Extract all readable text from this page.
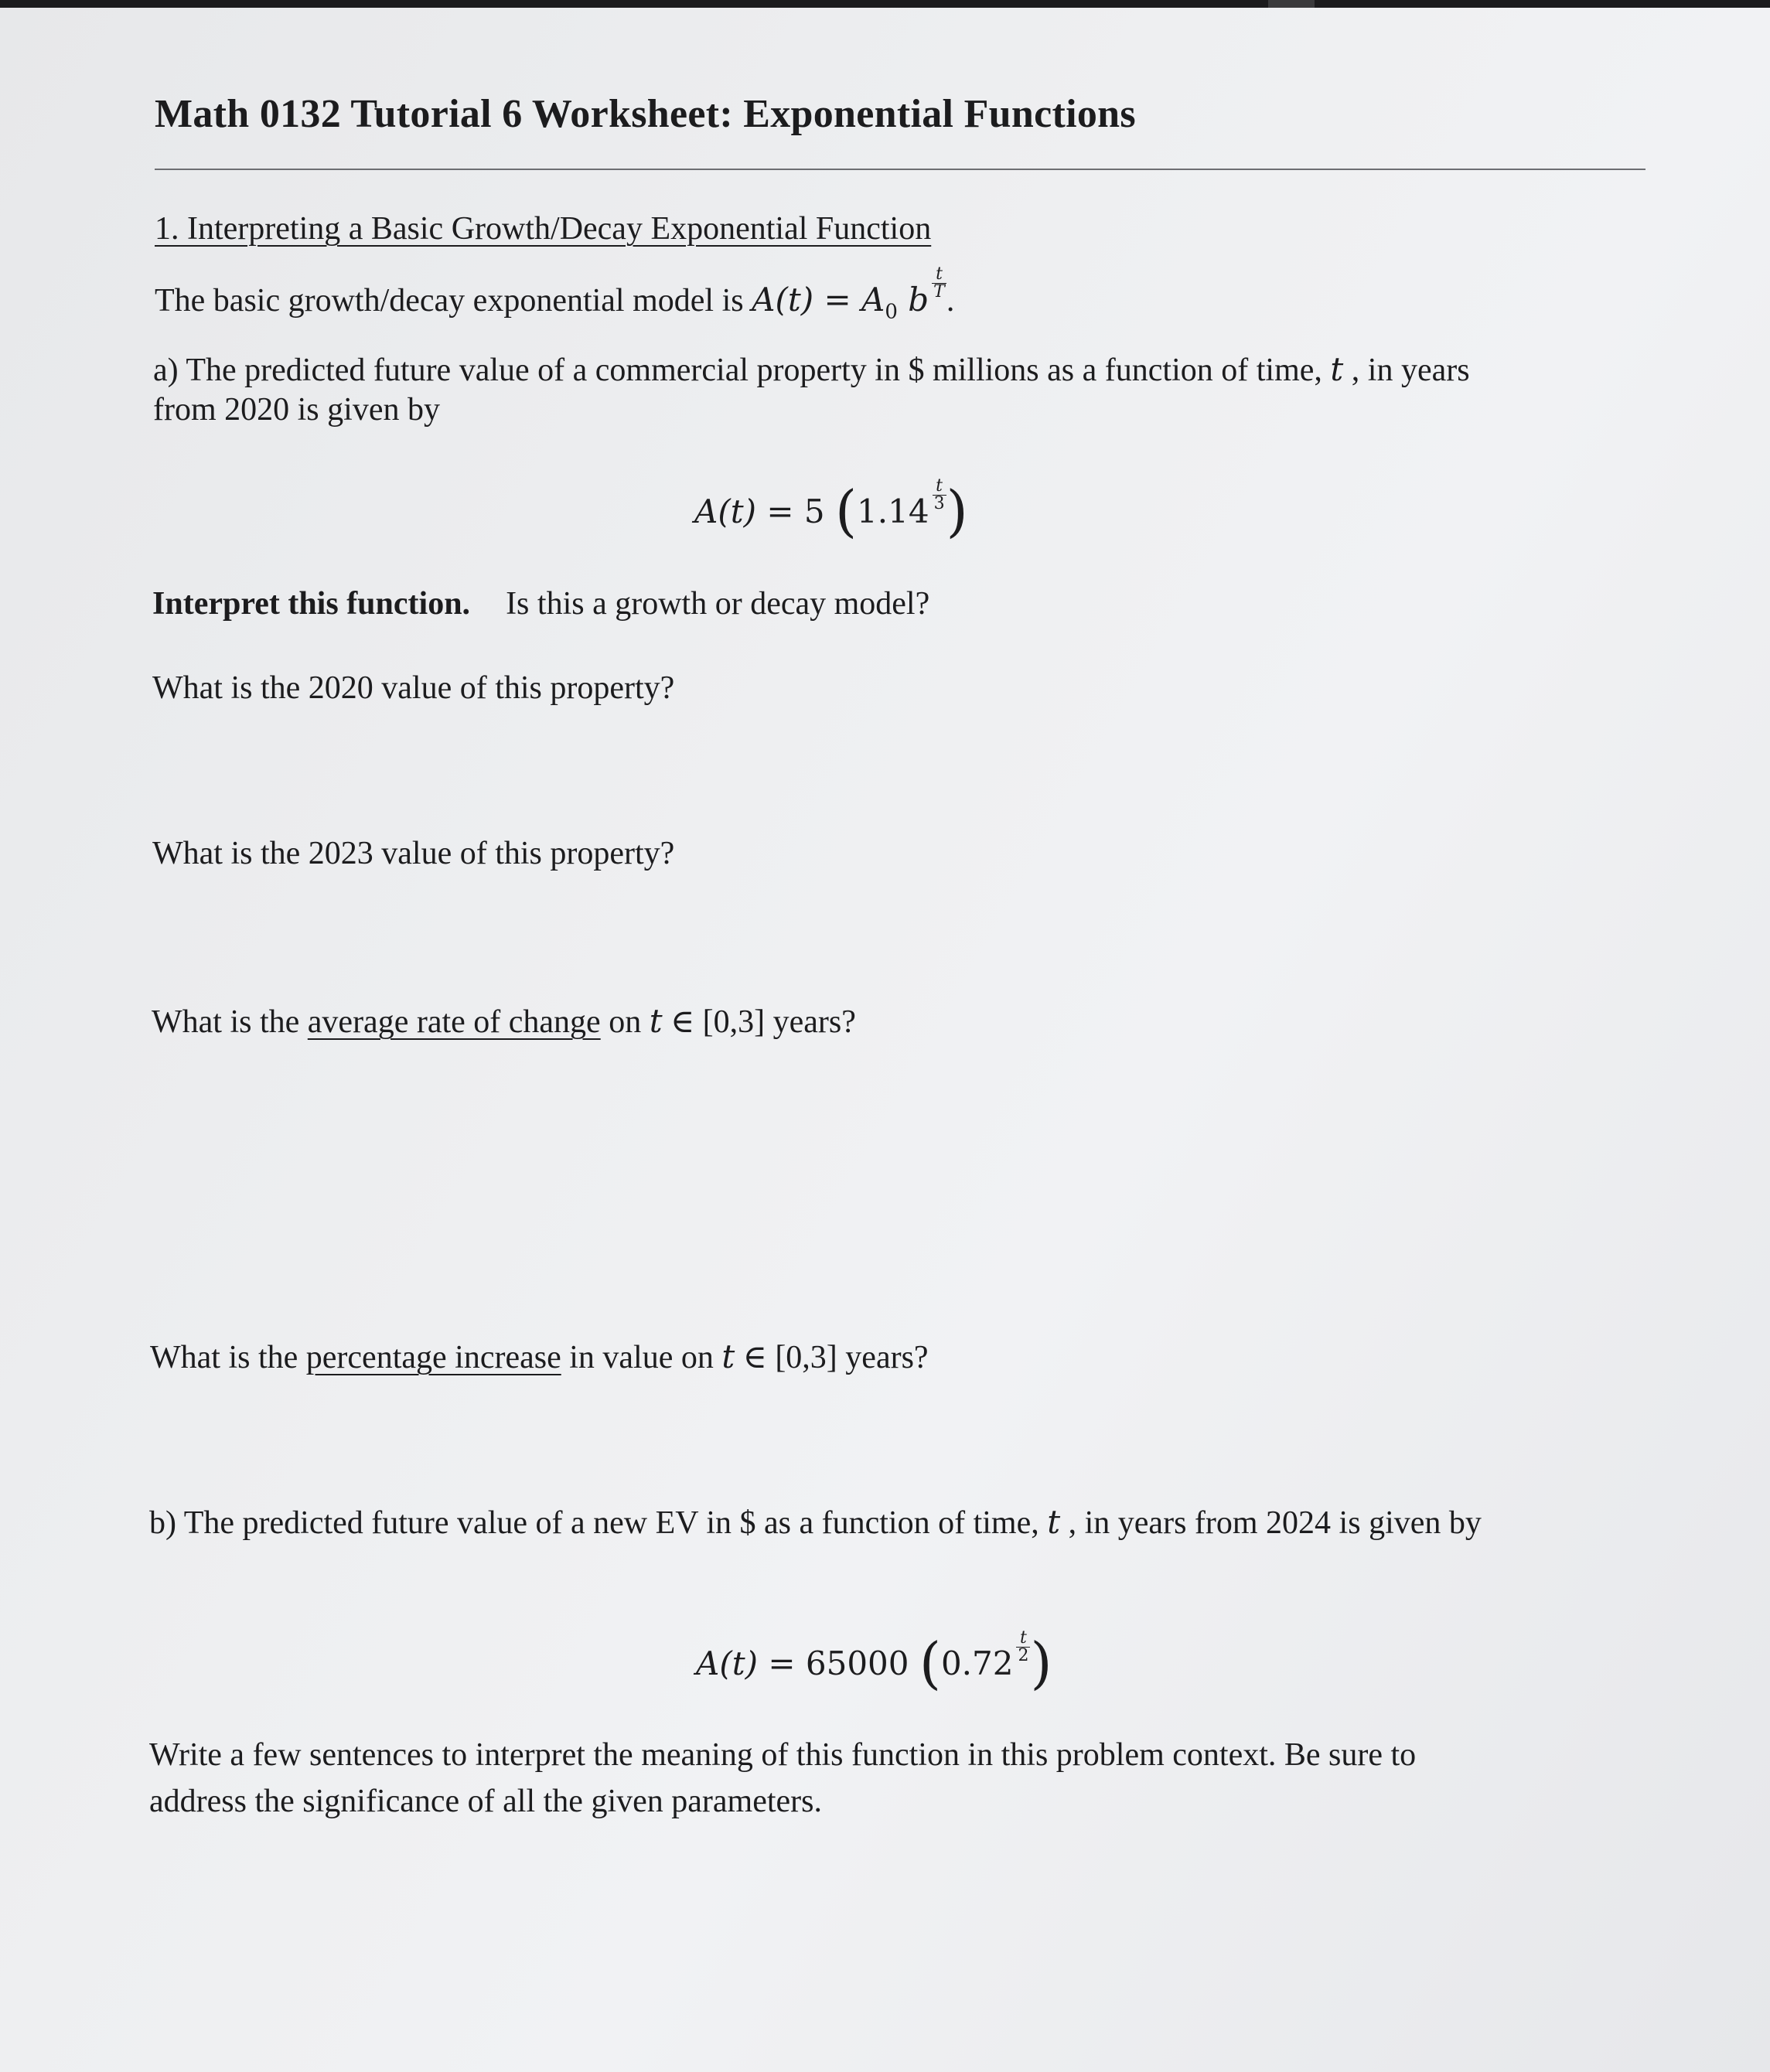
Math 0132 Tutorial 6 Worksheet: Exponential Functions
1. Interpreting a Basic Growth/Decay Exponential Function
The basic growth/decay exponential model is $A(t) = A_0$ b $\frac{t}{T}$ .
a) The predicted future value of a commercial property in $ millions as a function of time, t , in years
from 2020 is given by
A(t) = 5 ($1.14 \frac{t}{3}$ )
Interpret this function. Is this a growth or decay model?
What is the 2020 value of this property?
What is the 2023 value of this property?
What is the average rate of change on t ∈ [0,3] years?
What is the percentage increase in value on t ∈ [0,3] years?
b) The predicted future value of a new EV in $ as a function of time, t , in years from 2024 is given by
A(t) = 65000 ($0.72 \frac{t}{2}$ )
Write a few sentences to interpret the meaning of this function in this problem context. Be sure to
address the significance of all the given parameters.
